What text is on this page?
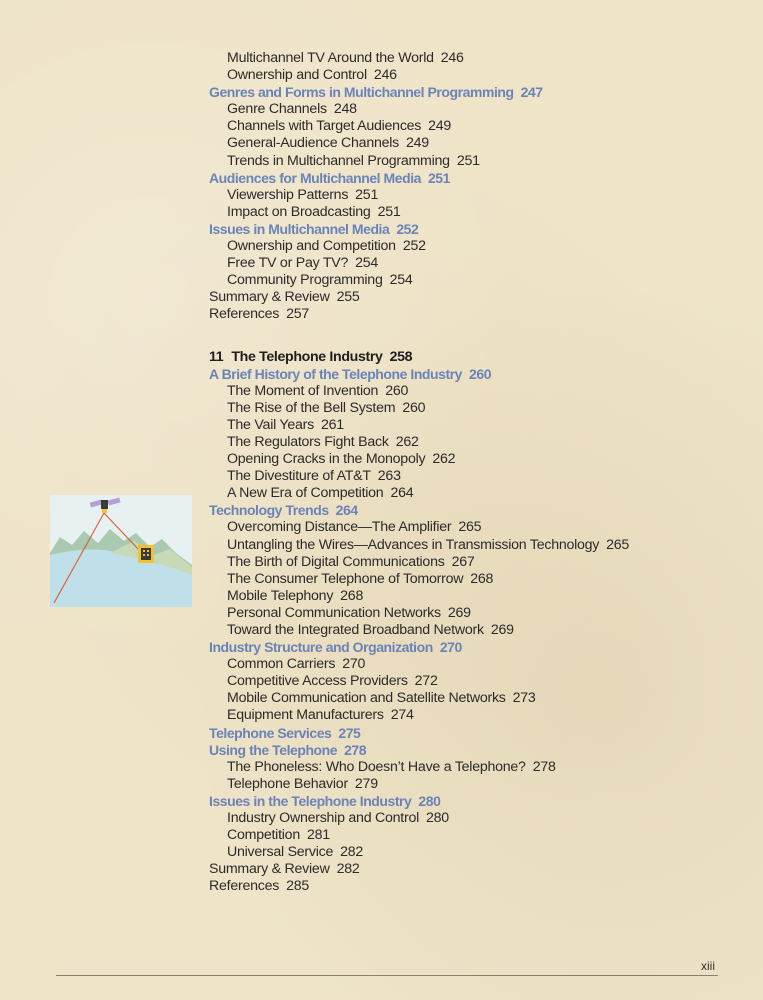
Multichannel TV Around the World 246
Ownership and Control 246
Genres and Forms in Multichannel Programming 247
Genre Channels 248
Channels with Target Audiences 249
General-Audience Channels 249
Trends in Multichannel Programming 251
Audiences for Multichannel Media 251
Viewership Patterns 251
Impact on Broadcasting 251
Issues in Multichannel Media 252
Ownership and Competition 252
Free TV or Pay TV? 254
Community Programming 254
Summary & Review 255
References 257
11 The Telephone Industry 258
A Brief History of the Telephone Industry 260
The Moment of Invention 260
The Rise of the Bell System 260
The Vail Years 261
The Regulators Fight Back 262
Opening Cracks in the Monopoly 262
The Divestiture of AT&T 263
A New Era of Competition 264
Technology Trends 264
Overcoming Distance—The Amplifier 265
Untangling the Wires—Advances in Transmission Technology 265
The Birth of Digital Communications 267
The Consumer Telephone of Tomorrow 268
Mobile Telephony 268
Personal Communication Networks 269
Toward the Integrated Broadband Network 269
Industry Structure and Organization 270
Common Carriers 270
Competitive Access Providers 272
Mobile Communication and Satellite Networks 273
Equipment Manufacturers 274
Telephone Services 275
Using the Telephone 278
The Phoneless: Who Doesn’t Have a Telephone? 278
Telephone Behavior 279
Issues in the Telephone Industry 280
Industry Ownership and Control 280
Competition 281
Universal Service 282
Summary & Review 282
References 285
xiii
